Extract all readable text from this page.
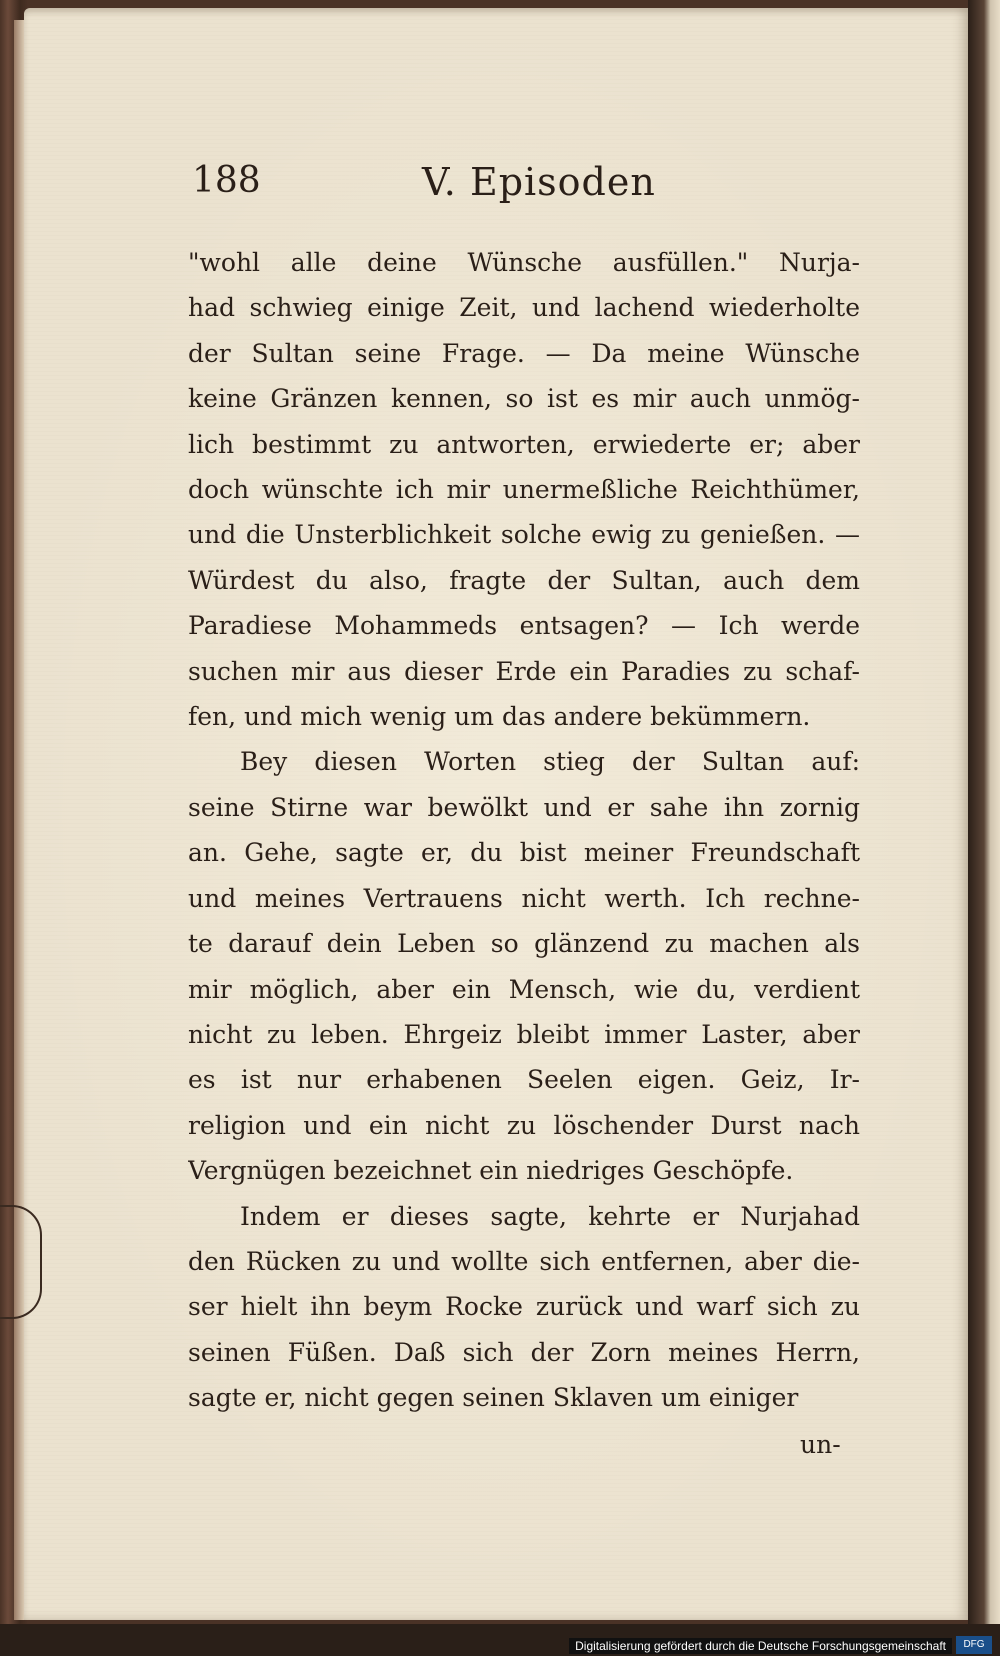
188	V. Episoden
"wohl alle deine Wünsche ausfüllen." Nurja-
had schwieg einige Zeit, und lachend wiederholte
der Sultan seine Frage. — Da meine Wünsche
keine Gränzen kennen, so ist es mir auch unmög-
lich bestimmt zu antworten, erwiederte er; aber
doch wünschte ich mir unermeßliche Reichthümer,
und die Unsterblichkeit solche ewig zu genießen. —
Würdest du also, fragte der Sultan, auch dem
Paradiese Mohammeds entsagen? — Ich werde
suchen mir aus dieser Erde ein Paradies zu schaf-
fen, und mich wenig um das andere bekümmern.
Bey diesen Worten stieg der Sultan auf:
seine Stirne war bewölkt und er sahe ihn zornig
an. Gehe, sagte er, du bist meiner Freundschaft
und meines Vertrauens nicht werth. Ich rechne-
te darauf dein Leben so glänzend zu machen als
mir möglich, aber ein Mensch, wie du, verdient
nicht zu leben. Ehrgeiz bleibt immer Laster, aber
es ist nur erhabenen Seelen eigen. Geiz, Ir-
religion und ein nicht zu löschender Durst nach
Vergnügen bezeichnet ein niedriges Geschöpfe.
Indem er dieses sagte, kehrte er Nurjahad
den Rücken zu und wollte sich entfernen, aber die-
ser hielt ihn beym Rocke zurück und warf sich zu
seinen Füßen. Daß sich der Zorn meines Herrn,
sagte er, nicht gegen seinen Sklaven um einiger
un-
Digitalisierung gefördert durch die Deutsche Forschungsgemeinschaft	DFG
